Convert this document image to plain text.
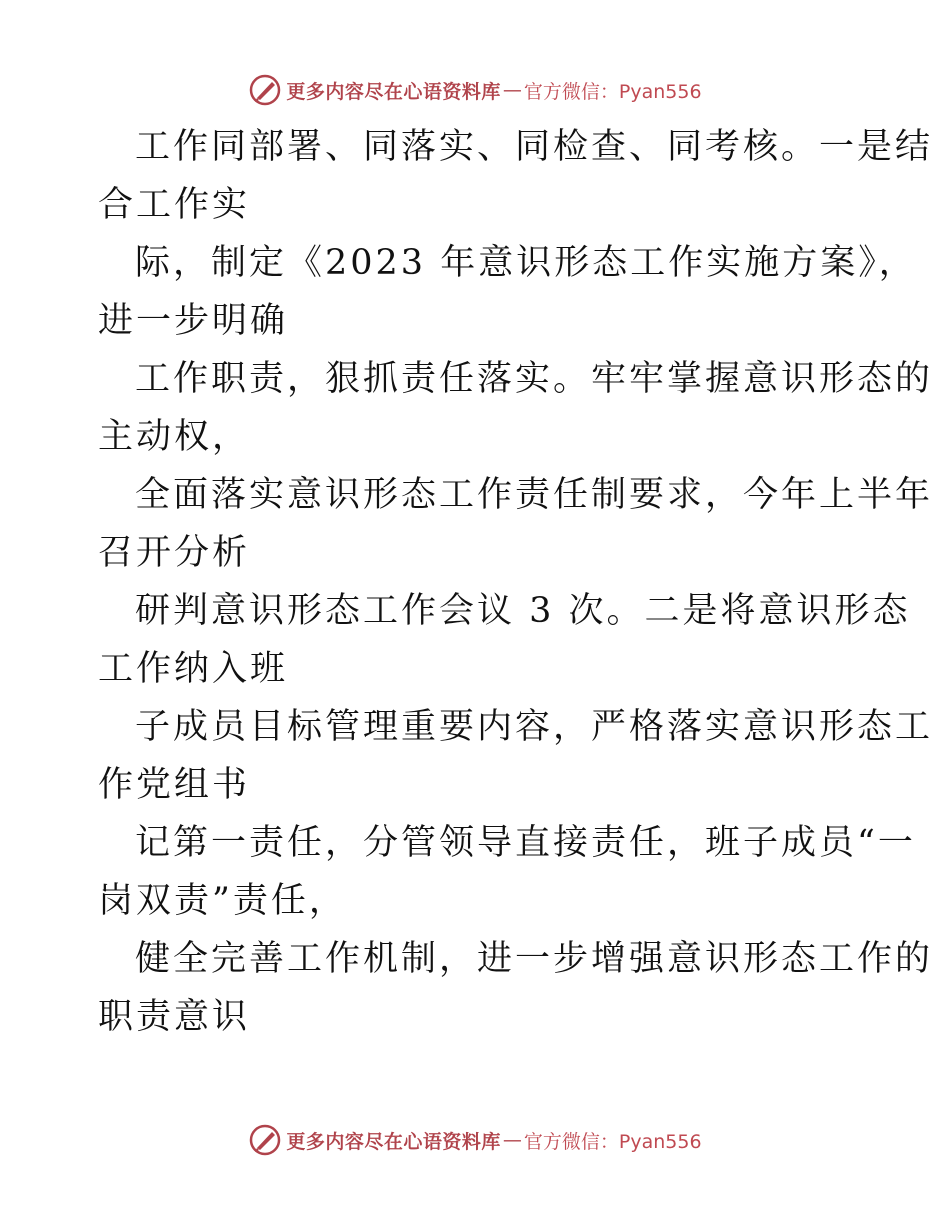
更多内容尽在心语资料库 — 官方微信：Pyan556

工作同部署、同落实、同检查、同考核。一是结
合工作实

际，制定《2023 年意识形态工作实施方案》，
进一步明确

工作职责，狠抓责任落实。牢牢掌握意识形态的
主动权，

全面落实意识形态工作责任制要求，今年上半年
召开分析

研判意识形态工作会议 3 次。二是将意识形态
工作纳入班

子成员目标管理重要内容，严格落实意识形态工
作党组书

记第一责任，分管领导直接责任，班子成员“一
岗双责”责任，

健全完善工作机制，进一步增强意识形态工作的
职责意识

更多内容尽在心语资料库 — 官方微信：Pyan556
